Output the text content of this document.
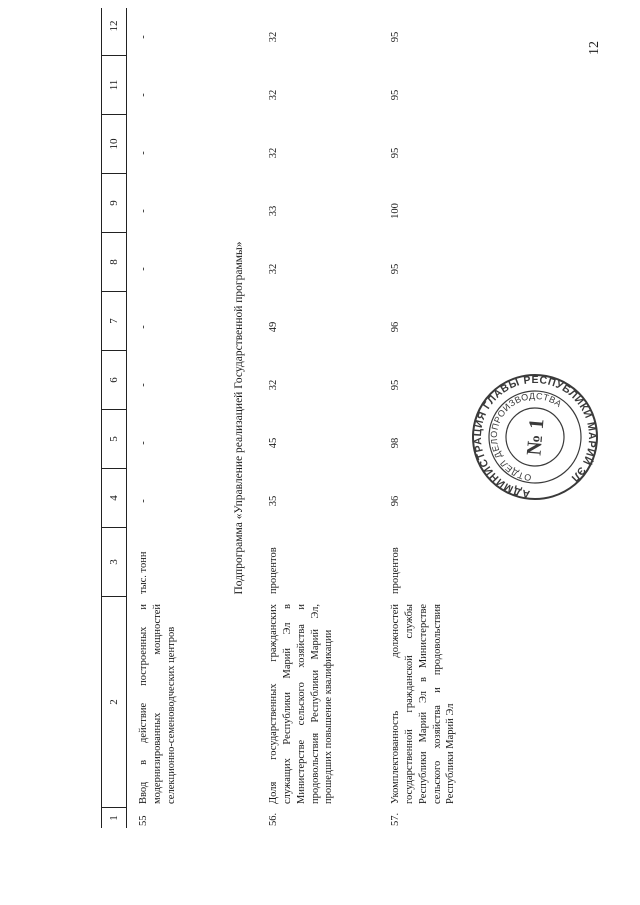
12
1
2
3
4
5
6
7
8
9
10
11
12
55
Ввод в действие построенных и модернизированных мощностей селекционно-семеноводческих центров
тыс. тонн
-
-
-
-
-
-
-
-
-
Подпрограмма «Управление реализацией Государственной программы»
56.
Доля государственных гражданских служащих Республики Марий Эл в Министерстве сельского хозяйства и продовольствия Республики Марий Эл, прошедших повышение квалификации
процентов
35
45
32
49
32
33
32
32
32
57.
Укомплектованность должностей государственной гражданской службы Республики Марий Эл в Министерстве сельского хозяйства и продовольствия Республики Марий Эл
процентов
96
98
95
96
95
100
95
95
95
АДМИНИСТРАЦИЯ ГЛАВЫ РЕСПУБЛИКИ МАРИЙ ЭЛ
ОТДЕЛ ДЕЛОПРОИЗВОДСТВА
№ 1
